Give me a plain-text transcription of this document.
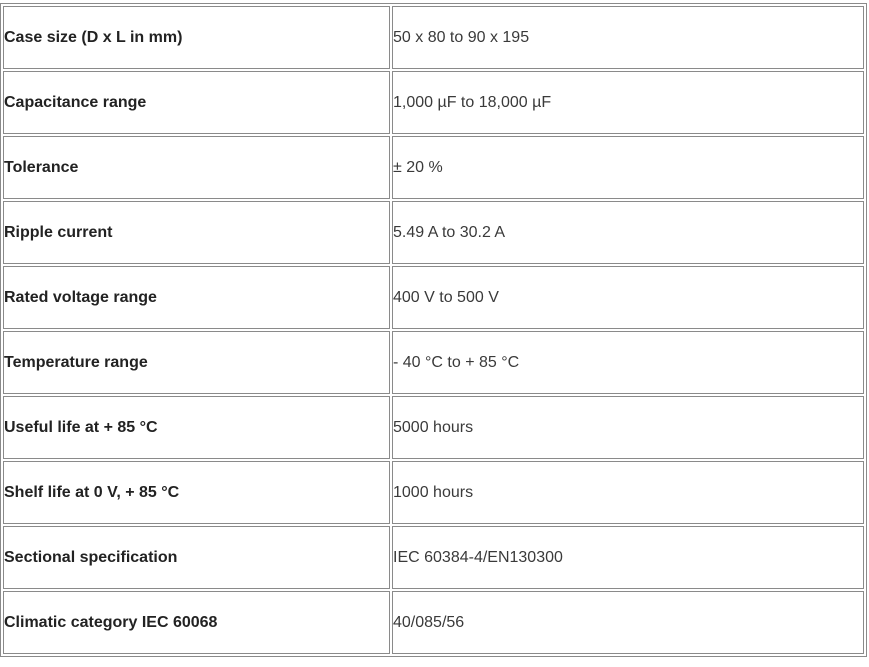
Case size (D x L in mm)	50 x 80 to 90 x 195
Capacitance range	1,000 µF to 18,000 µF
Tolerance	± 20 %
Ripple current	5.49 A to 30.2 A
Rated voltage range	400 V to 500 V
Temperature range	- 40 °C to + 85 °C
Useful life at + 85 °C	5000 hours
Shelf life at 0 V, + 85 °C	1000 hours
Sectional specification	IEC 60384-4/EN130300
Climatic category IEC 60068	40/085/56
